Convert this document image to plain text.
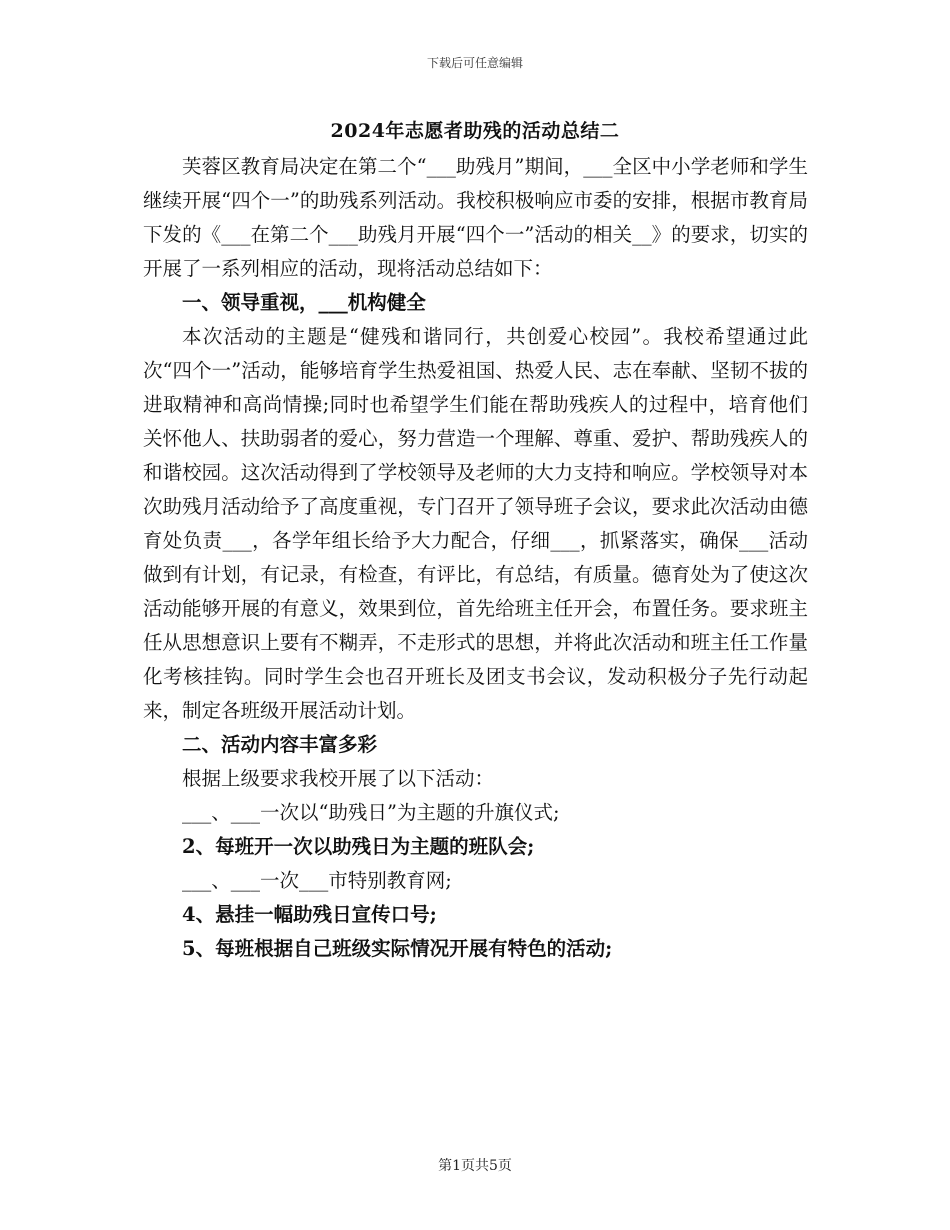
下载后可任意编辑
2024年志愿者助残的活动总结二

芙蓉区教育局决定在第二个“___助残月”期间，___全区中小学老师和学生继续开展“四个一”的助残系列活动。我校积极响应市委的安排，根据市教育局下发的《___在第二个___助残月开展“四个一”活动的相关__》的要求，切实的开展了一系列相应的活动，现将活动总结如下：

一、领导重视，___机构健全

本次活动的主题是“健残和谐同行，共创爱心校园”。我校希望通过此次“四个一”活动，能够培育学生热爱祖国、热爱人民、志在奉献、坚韧不拔的进取精神和高尚情操;同时也希望学生们能在帮助残疾人的过程中，培育他们关怀他人、扶助弱者的爱心，努力营造一个理解、尊重、爱护、帮助残疾人的和谐校园。这次活动得到了学校领导及老师的大力支持和响应。学校领导对本次助残月活动给予了高度重视，专门召开了领导班子会议，要求此次活动由德育处负责___，各学年组长给予大力配合，仔细___，抓紧落实，确保___活动做到有计划，有记录，有检查，有评比，有总结，有质量。德育处为了使这次活动能够开展的有意义，效果到位，首先给班主任开会，布置任务。要求班主任从思想意识上要有不糊弄，不走形式的思想，并将此次活动和班主任工作量化考核挂钩。同时学生会也召开班长及团支书会议，发动积极分子先行动起来，制定各班级开展活动计划。

二、活动内容丰富多彩

根据上级要求我校开展了以下活动：

___、___一次以“助残日”为主题的升旗仪式;

2、每班开一次以助残日为主题的班队会;

___、___一次___市特别教育网;

4、悬挂一幅助残日宣传口号;

5、每班根据自己班级实际情况开展有特色的活动;

第1页共5页
